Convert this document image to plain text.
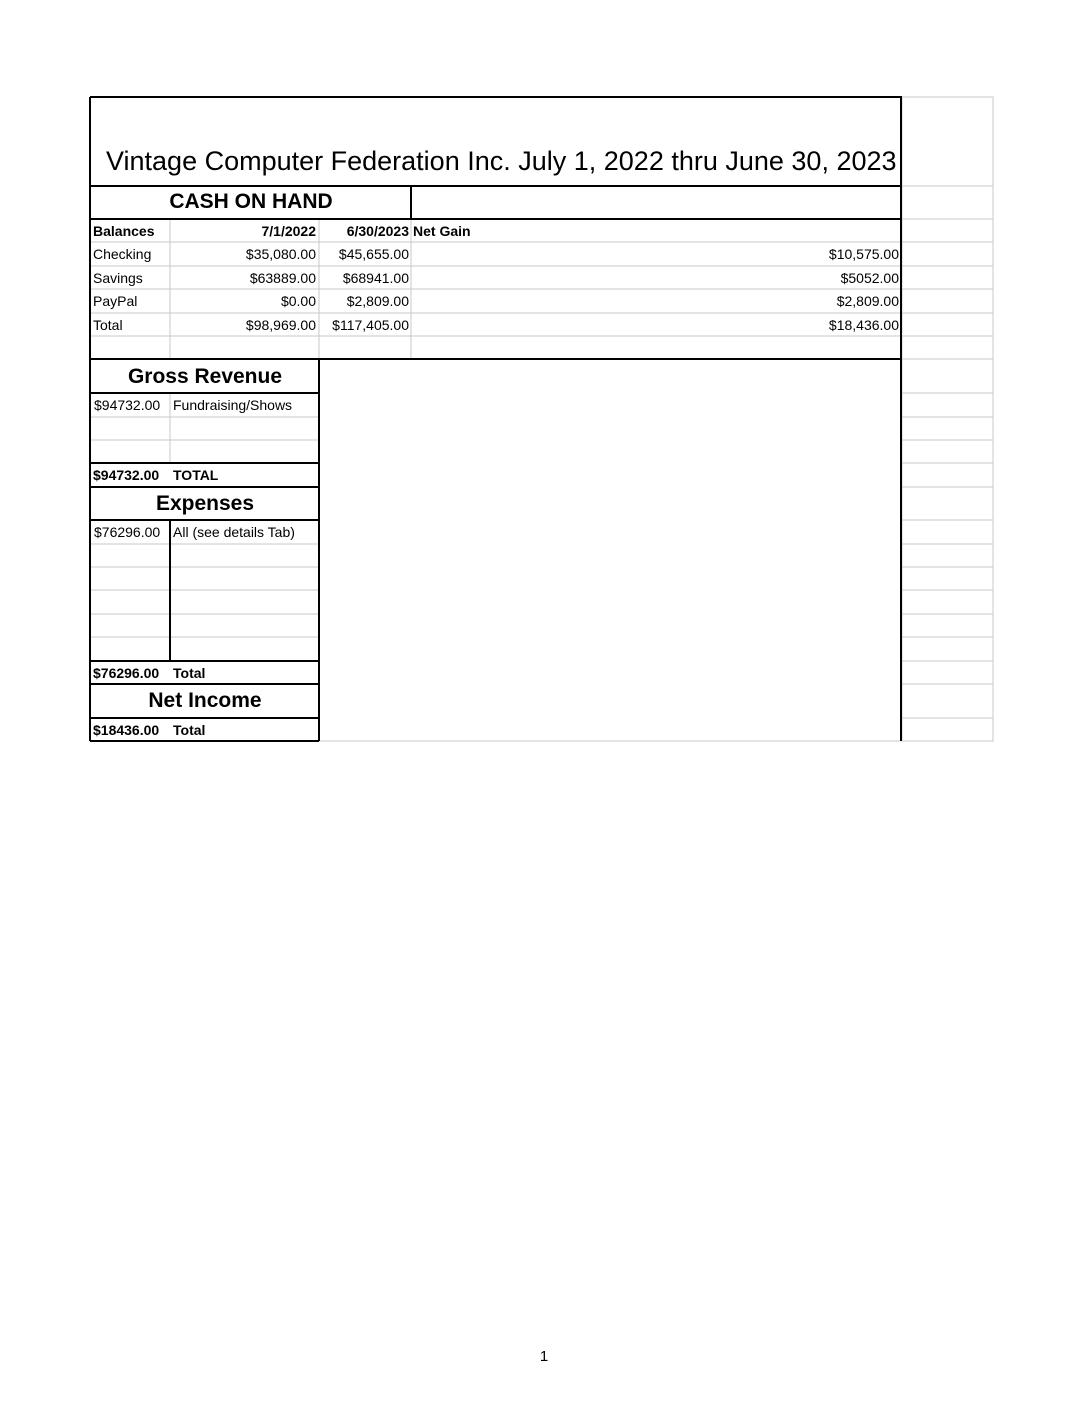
Vintage Computer Federation Inc. July 1, 2022 thru June 30, 2023
CASH ON HAND
Balances	7/1/2022	6/30/2023 Net Gain
Checking	$35,080.00	$45,655.00	$10,575.00
Savings	$63889.00	$68941.00	$5052.00
PayPal	$0.00	$2,809.00	$2,809.00
Total	$98,969.00	$117,405.00	$18,436.00
Gross Revenue
$94732.00 Fundraising/Shows
$94732.00 TOTAL
Expenses
$76296.00 All (see details Tab)
$76296.00 Total
Net Income
$18436.00 Total
1
